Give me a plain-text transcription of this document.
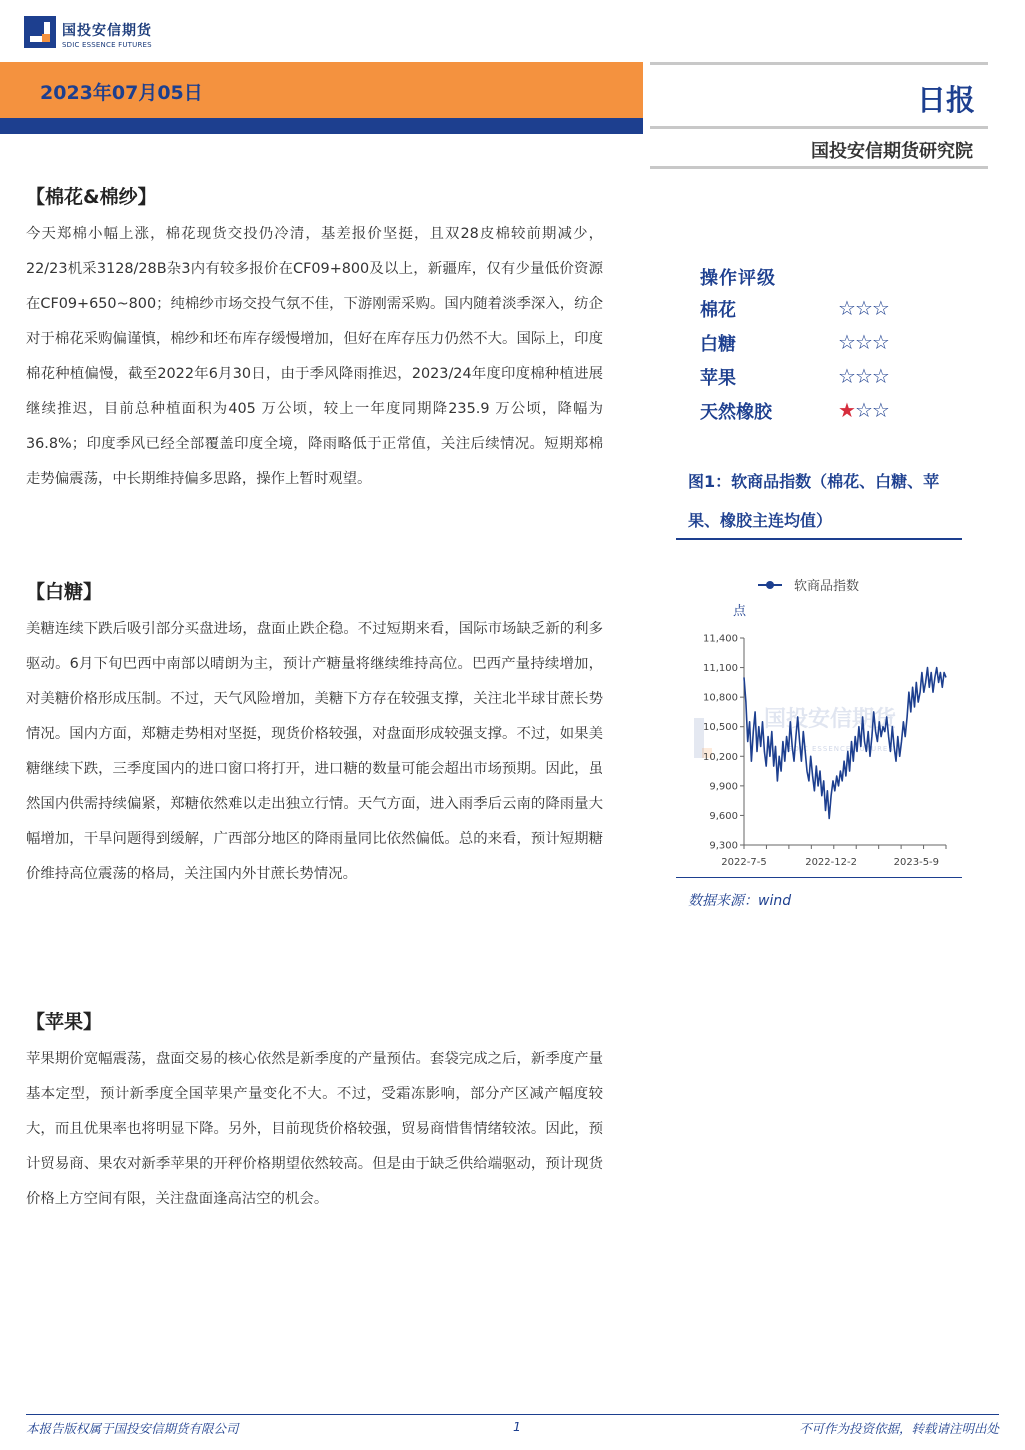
国投安信期货
SDIC ESSENCE FUTURES
2023年07月05日	日报
国投安信期货研究院
【棉花&棉纱】
今天郑棉小幅上涨，棉花现货交投仍冷清，基差报价坚挺，且双28皮棉较前期减少，22/23机采3128/28B杂3内有较多报价在CF09+800及以上，新疆库，仅有少量低价资源在CF09+650~800；纯棉纱市场交投气氛不佳，下游刚需采购。国内随着淡季深入，纺企对于棉花采购偏谨慎，棉纱和坯布库存缓慢增加，但好在库存压力仍然不大。国际上，印度棉花种植偏慢，截至2022年6月30日，由于季风降雨推迟，2023/24年度印度棉种植进展继续推迟，目前总种植面积为405 万公顷，较上一年度同期降235.9 万公顷，降幅为36.8%；印度季风已经全部覆盖印度全境，降雨略低于正常值，关注后续情况。短期郑棉走势偏震荡，中长期维持偏多思路，操作上暂时观望。
【白糖】
美糖连续下跌后吸引部分买盘进场，盘面止跌企稳。不过短期来看，国际市场缺乏新的利多驱动。6月下旬巴西中南部以晴朗为主，预计产糖量将继续维持高位。巴西产量持续增加，对美糖价格形成压制。不过，天气风险增加，美糖下方存在较强支撑，关注北半球甘蔗长势情况。国内方面，郑糖走势相对坚挺，现货价格较强，对盘面形成较强支撑。不过，如果美糖继续下跌，三季度国内的进口窗口将打开，进口糖的数量可能会超出市场预期。因此，虽然国内供需持续偏紧，郑糖依然难以走出独立行情。天气方面，进入雨季后云南的降雨量大幅增加，干旱问题得到缓解，广西部分地区的降雨量同比依然偏低。总的来看，预计短期糖价维持高位震荡的格局，关注国内外甘蔗长势情况。
【苹果】
苹果期价宽幅震荡，盘面交易的核心依然是新季度的产量预估。套袋完成之后，新季度产量基本定型，预计新季度全国苹果产量变化不大。不过，受霜冻影响，部分产区减产幅度较大，而且优果率也将明显下降。另外，目前现货价格较强，贸易商惜售情绪较浓。因此，预计贸易商、果农对新季苹果的开秤价格期望依然较高。但是由于缺乏供给端驱动，预计现货价格上方空间有限，关注盘面逢高沽空的机会。
操作评级
棉花	☆☆☆
白糖	☆☆☆
苹果	☆☆☆
天然橡胶	★☆☆
图1：软商品指数（棉花、白糖、苹果、橡胶主连均值）
国投安信期货
SDIC ESSENCE FUTURES
软商品指数
点
11,400
11,100
10,800
10,500
10,200
9,900
9,600
9,300
2022-7-5	2022-12-2	2023-5-9
数据来源：wind
本报告版权属于国投安信期货有限公司	1	不可作为投资依据，转载请注明出处
